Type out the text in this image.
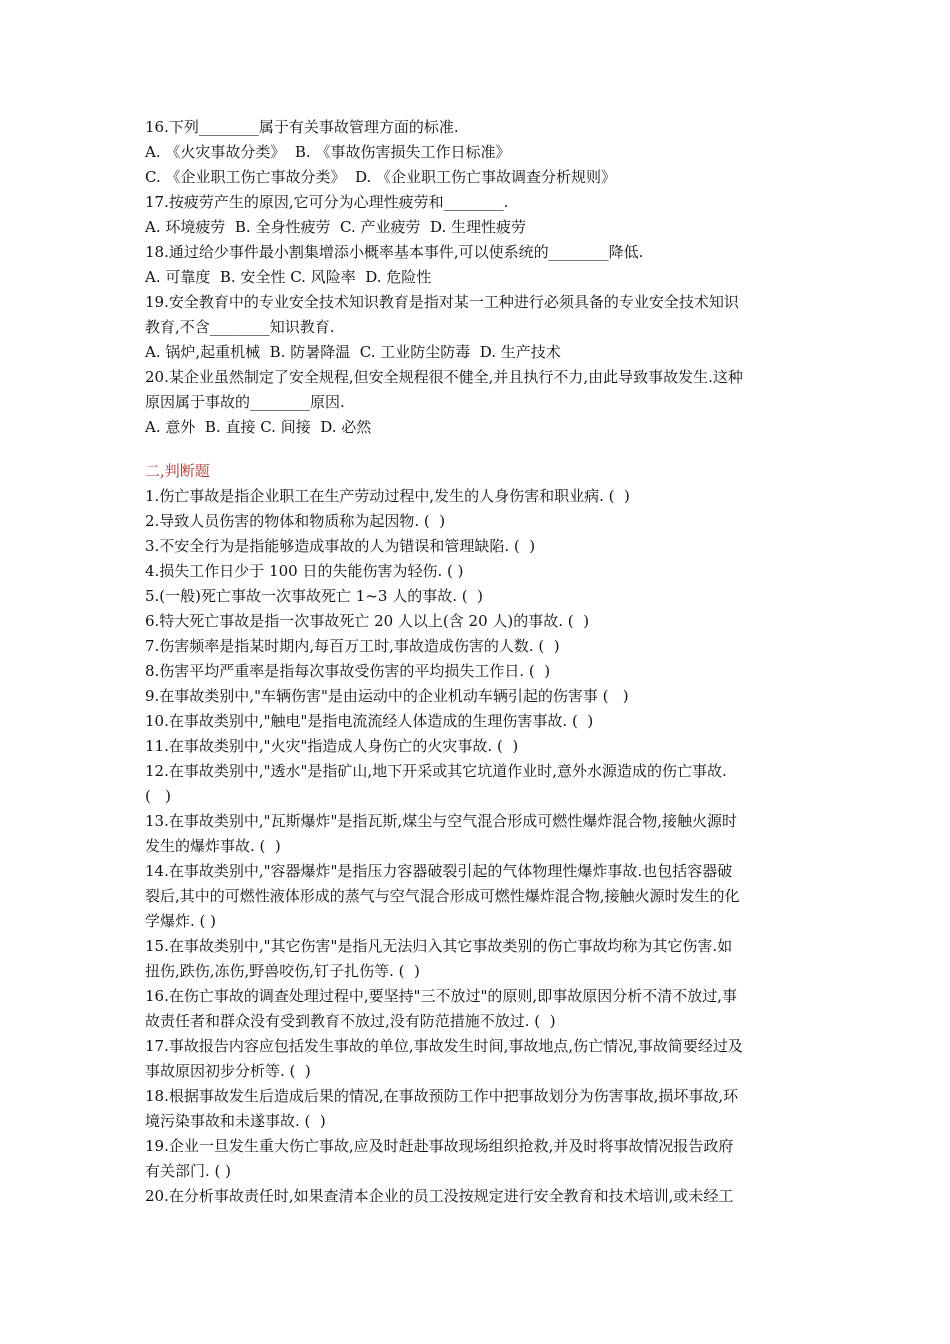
16.下列________属于有关事故管理方面的标准.
A. 《火灾事故分类》  B. 《事故伤害损失工作日标准》
C. 《企业职工伤亡事故分类》  D. 《企业职工伤亡事故调查分析规则》
17.按疲劳产生的原因,它可分为心理性疲劳和________.
A. 环境疲劳  B. 全身性疲劳  C. 产业疲劳  D. 生理性疲劳
18.通过给少事件最小割集增添小概率基本事件,可以使系统的________降低.
A. 可靠度  B. 安全性 C. 风险率  D. 危险性
19.安全教育中的专业安全技术知识教育是指对某一工种进行必须具备的专业安全技术知识
教育,不含________知识教育.
A. 锅炉,起重机械  B. 防暑降温  C. 工业防尘防毒  D. 生产技术
20.某企业虽然制定了安全规程,但安全规程很不健全,并且执行不力,由此导致事故发生.这种
原因属于事故的________原因.
A. 意外  B. 直接 C. 间接  D. 必然
二,判断题
1.伤亡事故是指企业职工在生产劳动过程中,发生的人身伤害和职业病. (  )
2.导致人员伤害的物体和物质称为起因物. (  )
3.不安全行为是指能够造成事故的人为错误和管理缺陷. (  )
4.损失工作日少于 100 日的失能伤害为轻伤. ( )
5.(一般)死亡事故一次事故死亡 1~3 人的事故. (  )
6.特大死亡事故是指一次事故死亡 20 人以上(含 20 人)的事故. (  )
7.伤害频率是指某时期内,每百万工时,事故造成伤害的人数. (  )
8.伤害平均严重率是指每次事故受伤害的平均损失工作日. (  )
9.在事故类别中,"车辆伤害"是由运动中的企业机动车辆引起的伤害事 (   )
10.在事故类别中,"触电"是指电流流经人体造成的生理伤害事故. (  )
11.在事故类别中,"火灾"指造成人身伤亡的火灾事故. (  )
12.在事故类别中,"透水"是指矿山,地下开采或其它坑道作业时,意外水源造成的伤亡事故.
(   )
13.在事故类别中,"瓦斯爆炸"是指瓦斯,煤尘与空气混合形成可燃性爆炸混合物,接触火源时
发生的爆炸事故. (  )
14.在事故类别中,"容器爆炸"是指压力容器破裂引起的气体物理性爆炸事故.也包括容器破
裂后,其中的可燃性液体形成的蒸气与空气混合形成可燃性爆炸混合物,接触火源时发生的化
学爆炸. ( )
15.在事故类别中,"其它伤害"是指凡无法归入其它事故类别的伤亡事故均称为其它伤害.如
扭伤,跌伤,冻伤,野兽咬伤,钉子扎伤等. (  )
16.在伤亡事故的调查处理过程中,要坚持"三不放过"的原则,即事故原因分析不清不放过,事
故责任者和群众没有受到教育不放过,没有防范措施不放过. (  )
17.事故报告内容应包括发生事故的单位,事故发生时间,事故地点,伤亡情况,事故简要经过及
事故原因初步分析等. (  )
18.根据事故发生后造成后果的情况,在事故预防工作中把事故划分为伤害事故,损坏事故,环
境污染事故和未遂事故. (  )
19.企业一旦发生重大伤亡事故,应及时赶赴事故现场组织抢救,并及时将事故情况报告政府
有关部门. ( )
20.在分析事故责任时,如果查清本企业的员工没按规定进行安全教育和技术培训,或未经工
